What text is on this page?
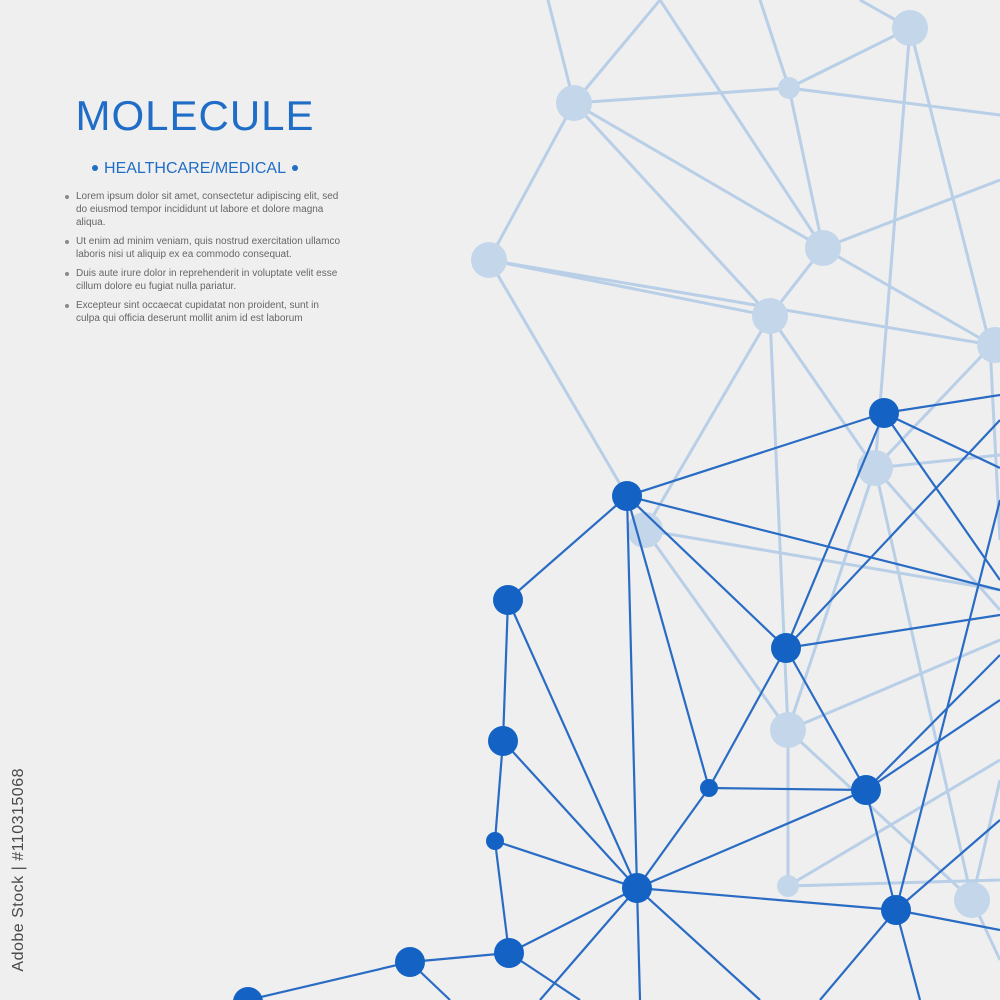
MOLECULE
HEALTHCARE/MEDICAL
Lorem ipsum dolor sit amet, consectetur adipiscing elit, sed do eiusmod tempor incididunt ut labore et dolore magna aliqua.
Ut enim ad minim veniam, quis nostrud exercitation ullamco laboris nisi ut aliquip ex ea commodo consequat.
Duis aute irure dolor in reprehenderit in voluptate velit esse cillum dolore eu fugiat nulla pariatur.
Excepteur sint occaecat cupidatat non proident, sunt in culpa qui officia deserunt mollit anim id est laborum
Adobe Stock | #110315068
